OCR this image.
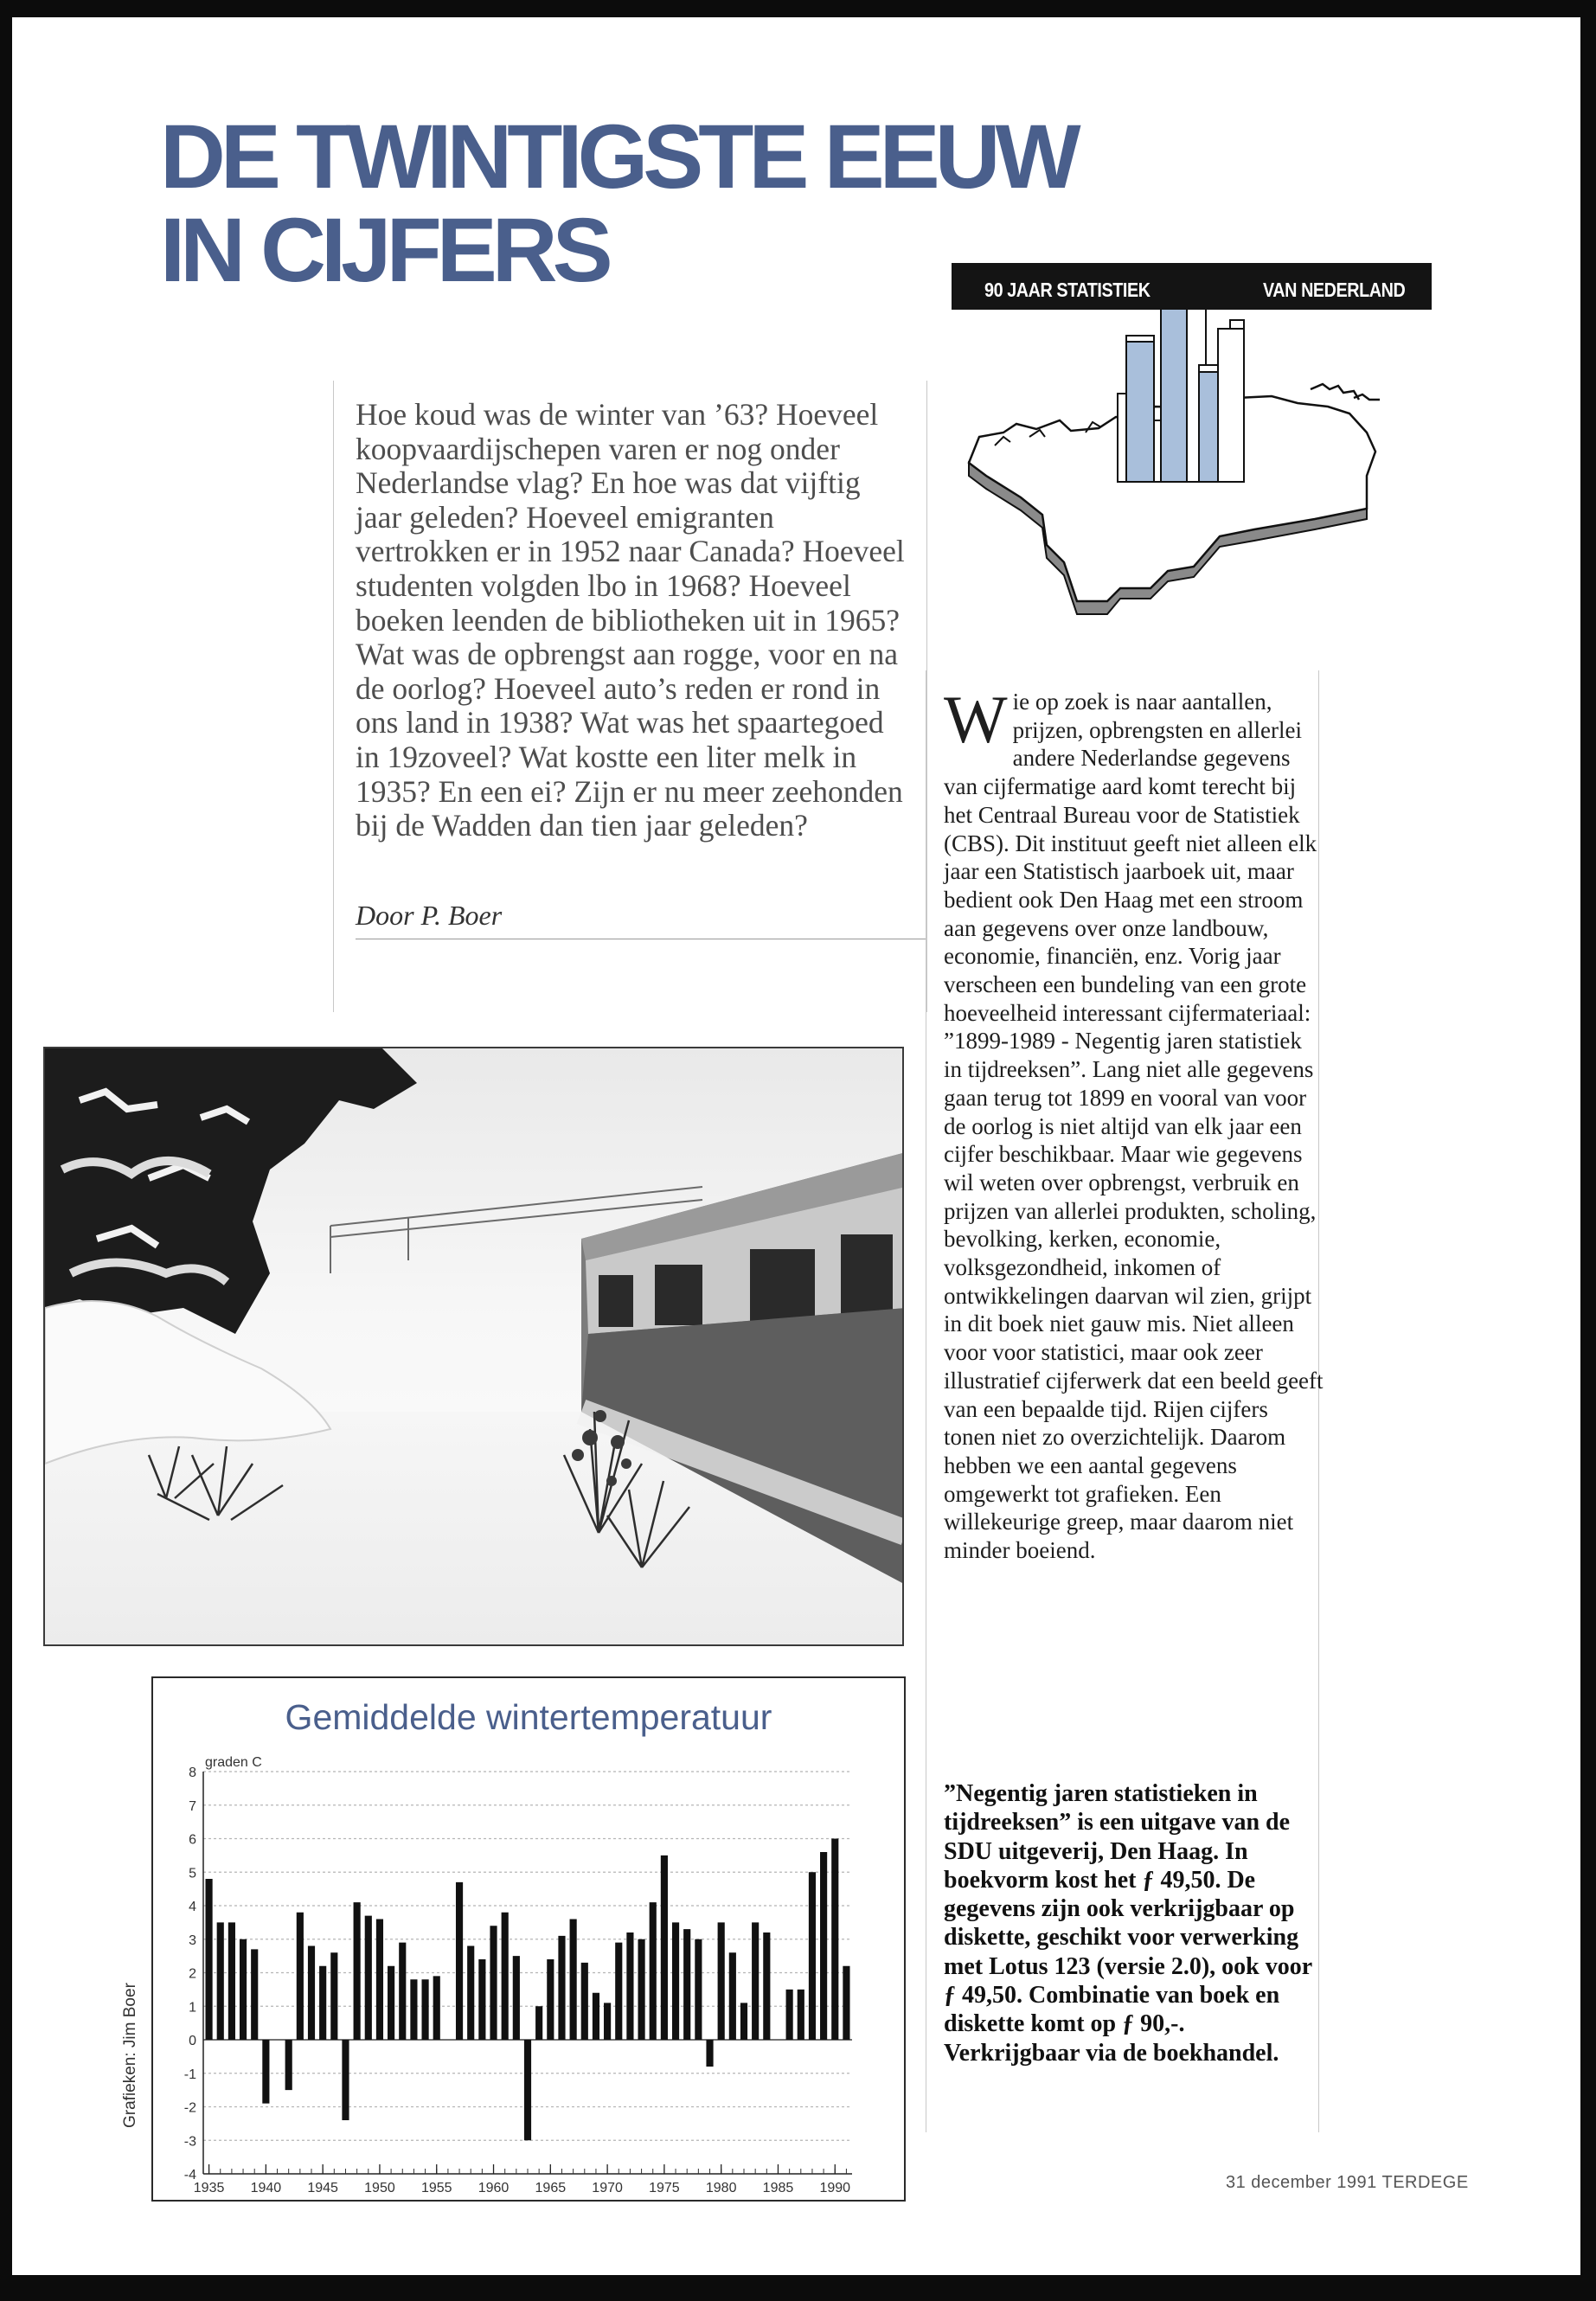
DE TWINTIGSTE EEUW
IN CIJFERS	90 JAAR STATISTIEK	VAN NEDERLAND

Hoe koud was de winter van ’63? Hoeveel koopvaardijschepen varen er nog onder Nederlandse vlag? En hoe was dat vijftig jaar geleden? Hoeveel emigranten vertrokken er in 1952 naar Canada? Hoeveel studenten volgden lbo in 1968? Hoeveel boeken leenden de bibliotheken uit in 1965? Wat was de opbrengst aan rogge, voor en na de oorlog? Hoeveel auto’s reden er rond in ons land in 1938? Wat was het spaartegoed in 19zoveel? Wat kostte een liter melk in 1935? En een ei? Zijn er nu meer zeehonden bij de Wadden dan tien jaar geleden?

Door P. Boer

Gemiddelde wintertemperatuur
8
7
6
5
4
3
2
1
0
-1
-2
-3
-4
graden C
1935 1940 1945 1950 1955 1960 1965 1970 1975 1980 1985 1990
Grafieken: Jim Boer

Wie op zoek is naar aantallen, prijzen, opbrengsten en allerlei andere Nederlandse gegevens van cijfermatige aard komt terecht bij het Centraal Bureau voor de Statistiek (CBS). Dit instituut geeft niet alleen elk jaar een Statistisch jaarboek uit, maar bedient ook Den Haag met een stroom aan gegevens over onze landbouw, economie, financiën, enz. Vorig jaar verscheen een bundeling van een grote hoeveelheid interessant cijfermateriaal: ”1899-1989 - Negentig jaren statistiek in tijdreeksen”. Lang niet alle gegevens gaan terug tot 1899 en vooral van voor de oorlog is niet altijd van elk jaar een cijfer beschikbaar. Maar wie gegevens wil weten over opbrengst, verbruik en prijzen van allerlei produkten, scholing, bevolking, kerken, economie, volksgezondheid, inkomen of ontwikkelingen daarvan wil zien, grijpt in dit boek niet gauw mis. Niet alleen voor voor statistici, maar ook zeer illustratief cijferwerk dat een beeld geeft van een bepaalde tijd. Rijen cijfers tonen niet zo overzichtelijk. Daarom hebben we een aantal gegevens omgewerkt tot grafieken. Een willekeurige greep, maar daarom niet minder boeiend.

”Negentig jaren statistieken in tijdreeksen” is een uitgave van de SDU uitgeverij, Den Haag. In boekvorm kost het ƒ 49,50. De gegevens zijn ook verkrijgbaar op diskette, geschikt voor verwerking met Lotus 123 (versie 2.0), ook voor ƒ 49,50. Combinatie van boek en diskette komt op ƒ 90,-. Verkrijgbaar via de boekhandel.

31 december 1991 TERDEGE
